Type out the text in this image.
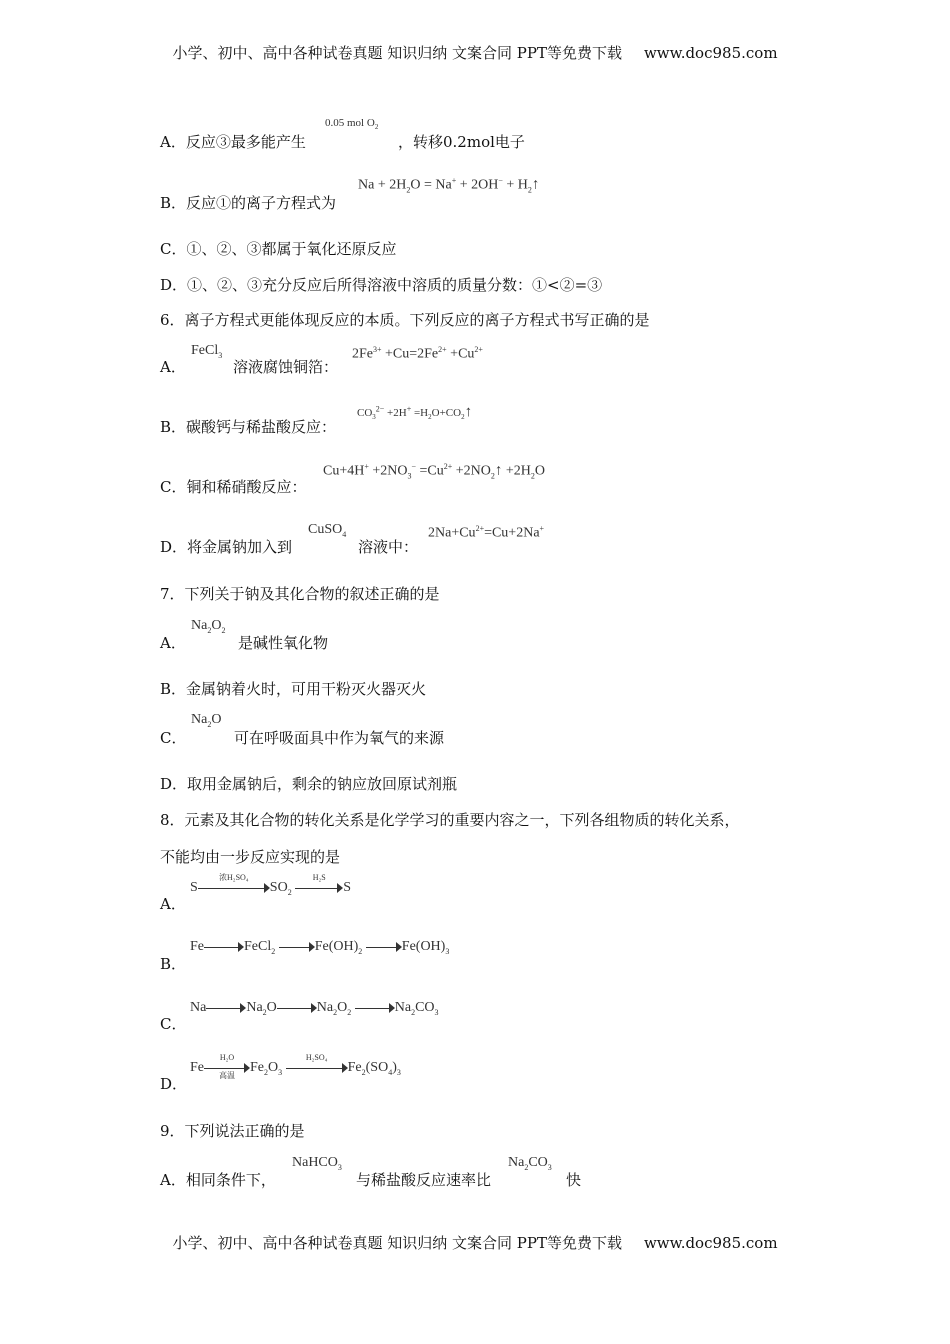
小学、初中、高中各种试卷真题 知识归纳 文案合同 PPT等免费下载 www.doc985.com
A．反应③最多能产生
0.05 mol $O_2$
，转移0.2mol电子
B．反应①的离子方程式为
$Na + 2H_2O = Na^+ + 2OH^-$ + $H_2↑$
C．①、②、③都属于氧化还原反应
D．①、②、③充分反应后所得溶液中溶质的质量分数：①<②=③
6．离子方程式更能体现反应的本质。下列反应的离子方程式书写正确的是
A．
FeCl$_3$
溶液腐蚀铜箔：
$2Fe^{3+} +Cu=2Fe^{2+} +Cu^{2+}$
B．碳酸钙与稀盐酸反应：
$CO_3^{2-} +2H^+$ $=H_2O+CO_2↑$
C．铜和稀硝酸反应：
$Cu+4H^+ +2NO_3^- =Cu^{2+}$ $+2NO_2↑ +2H_2O$
D．将金属钠加入到
CuSO$_4$
溶液中：
$2Na+Cu^{2+}=Cu+2Na^+$
7．下列关于钠及其化合物的叙述正确的是
A．
$Na_2O_2$
是碱性氧化物
B．金属钠着火时，可用干粉灭火器灭火
C．
$Na_2O$
可在呼吸面具中作为氧气的来源
D．取用金属钠后，剩余的钠应放回原试剂瓶
8．元素及其化合物的转化关系是化学学习的重要内容之一，下列各组物质的转化关系，
不能均由一步反应实现的是
A．
S
浓H₂SO₄
$SO_2$
H₂S
S
B．
Fe	FeCl$_2$	$Fe(OH)_2$	$Fe(OH)_3$
C．
Na	$Na_2O$	$Na_2O_2$	$Na_2CO_3$
D．
Fe
H₂O
高温
$Fe_2O_3$
H₂SO₄
$Fe_2(SO_4)_3$
9．下列说法正确的是
A．相同条件下，
NaHCO$_3$
与稀盐酸反应速率比
$Na_2CO_3$
快
小学、初中、高中各种试卷真题 知识归纳 文案合同 PPT等免费下载 www.doc985.com
